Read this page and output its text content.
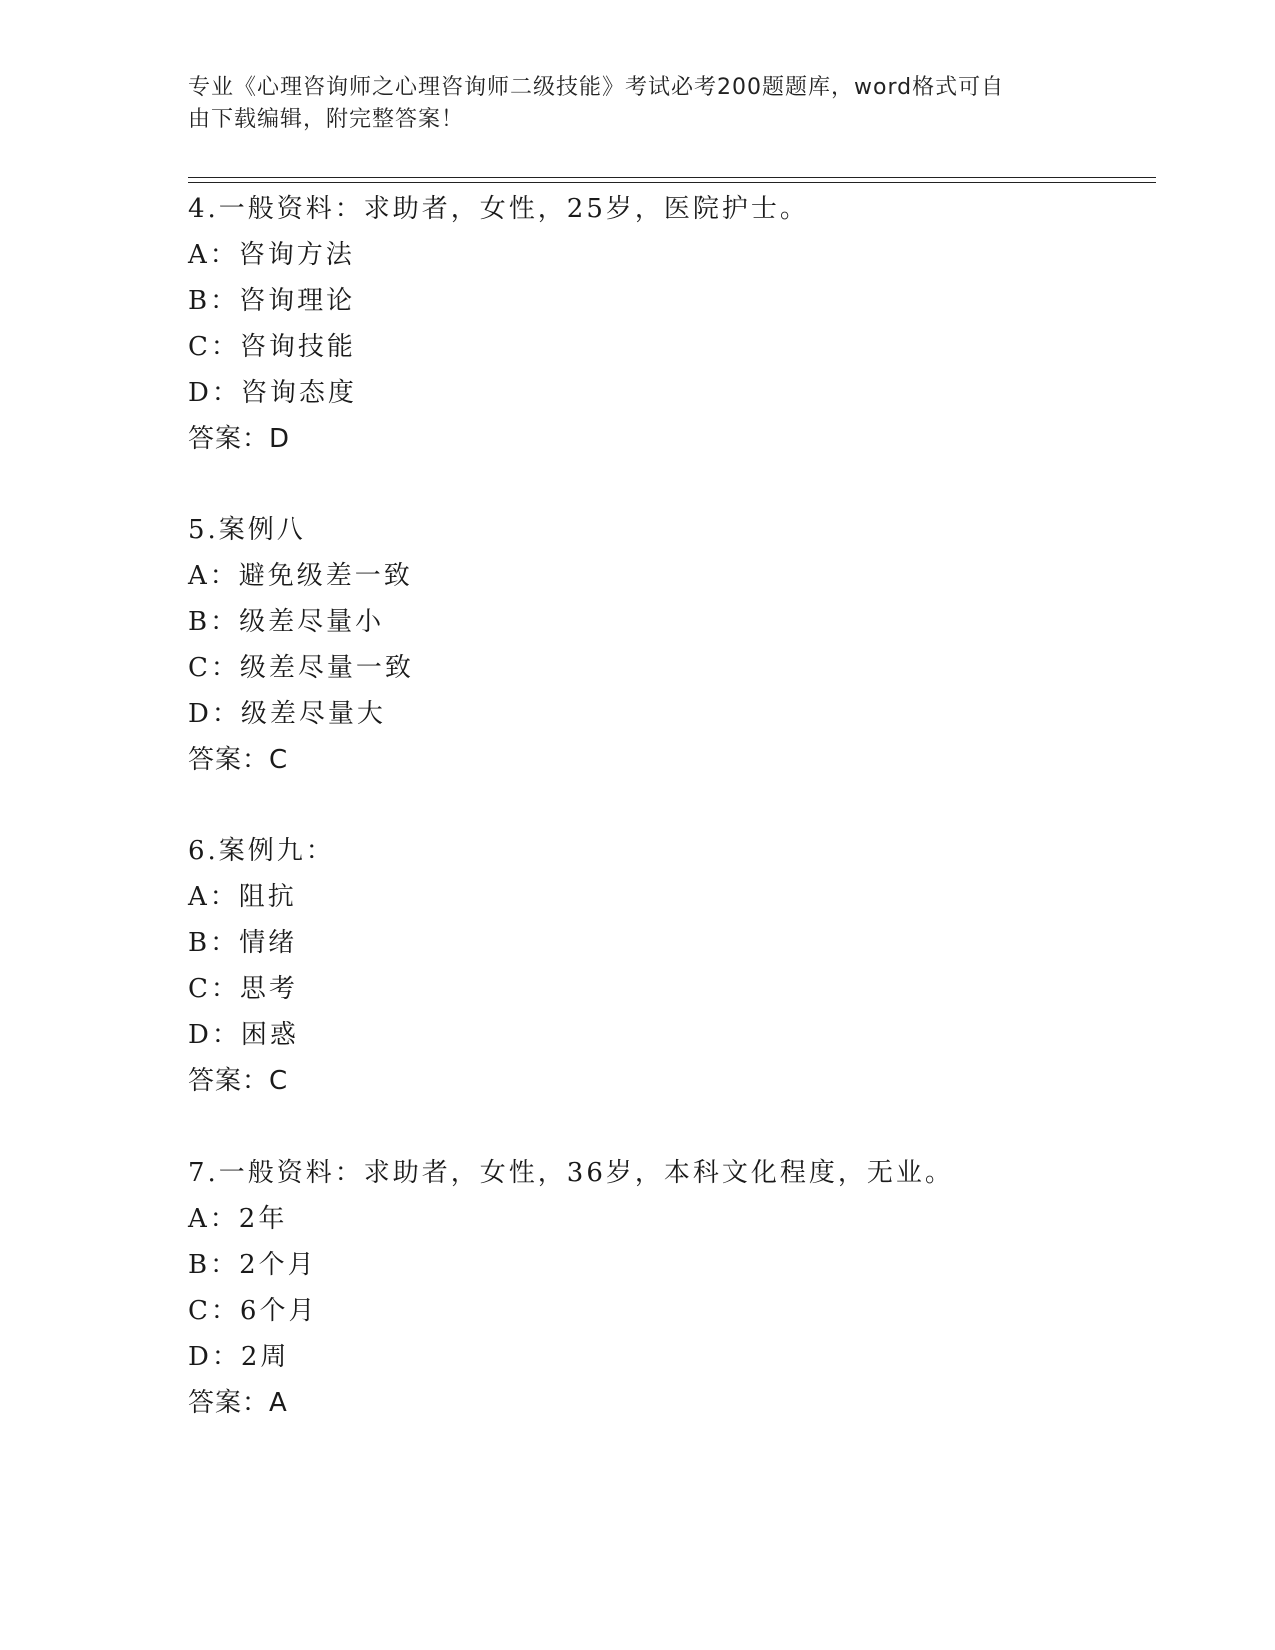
专业《心理咨询师之心理咨询师二级技能》考试必考200题题库，word格式可自
由下载编辑，附完整答案！
4.一般资料：求助者，女性，25岁，医院护士。
A：咨询方法
B：咨询理论
C：咨询技能
D：咨询态度
答案：D
5.案例八
A：避免级差一致
B：级差尽量小
C：级差尽量一致
D：级差尽量大
答案：C
6.案例九：
A：阻抗
B：情绪
C：思考
D：困惑
答案：C
7.一般资料：求助者，女性，36岁，本科文化程度，无业。
A：2年
B：2个月
C：6个月
D：2周
答案：A
